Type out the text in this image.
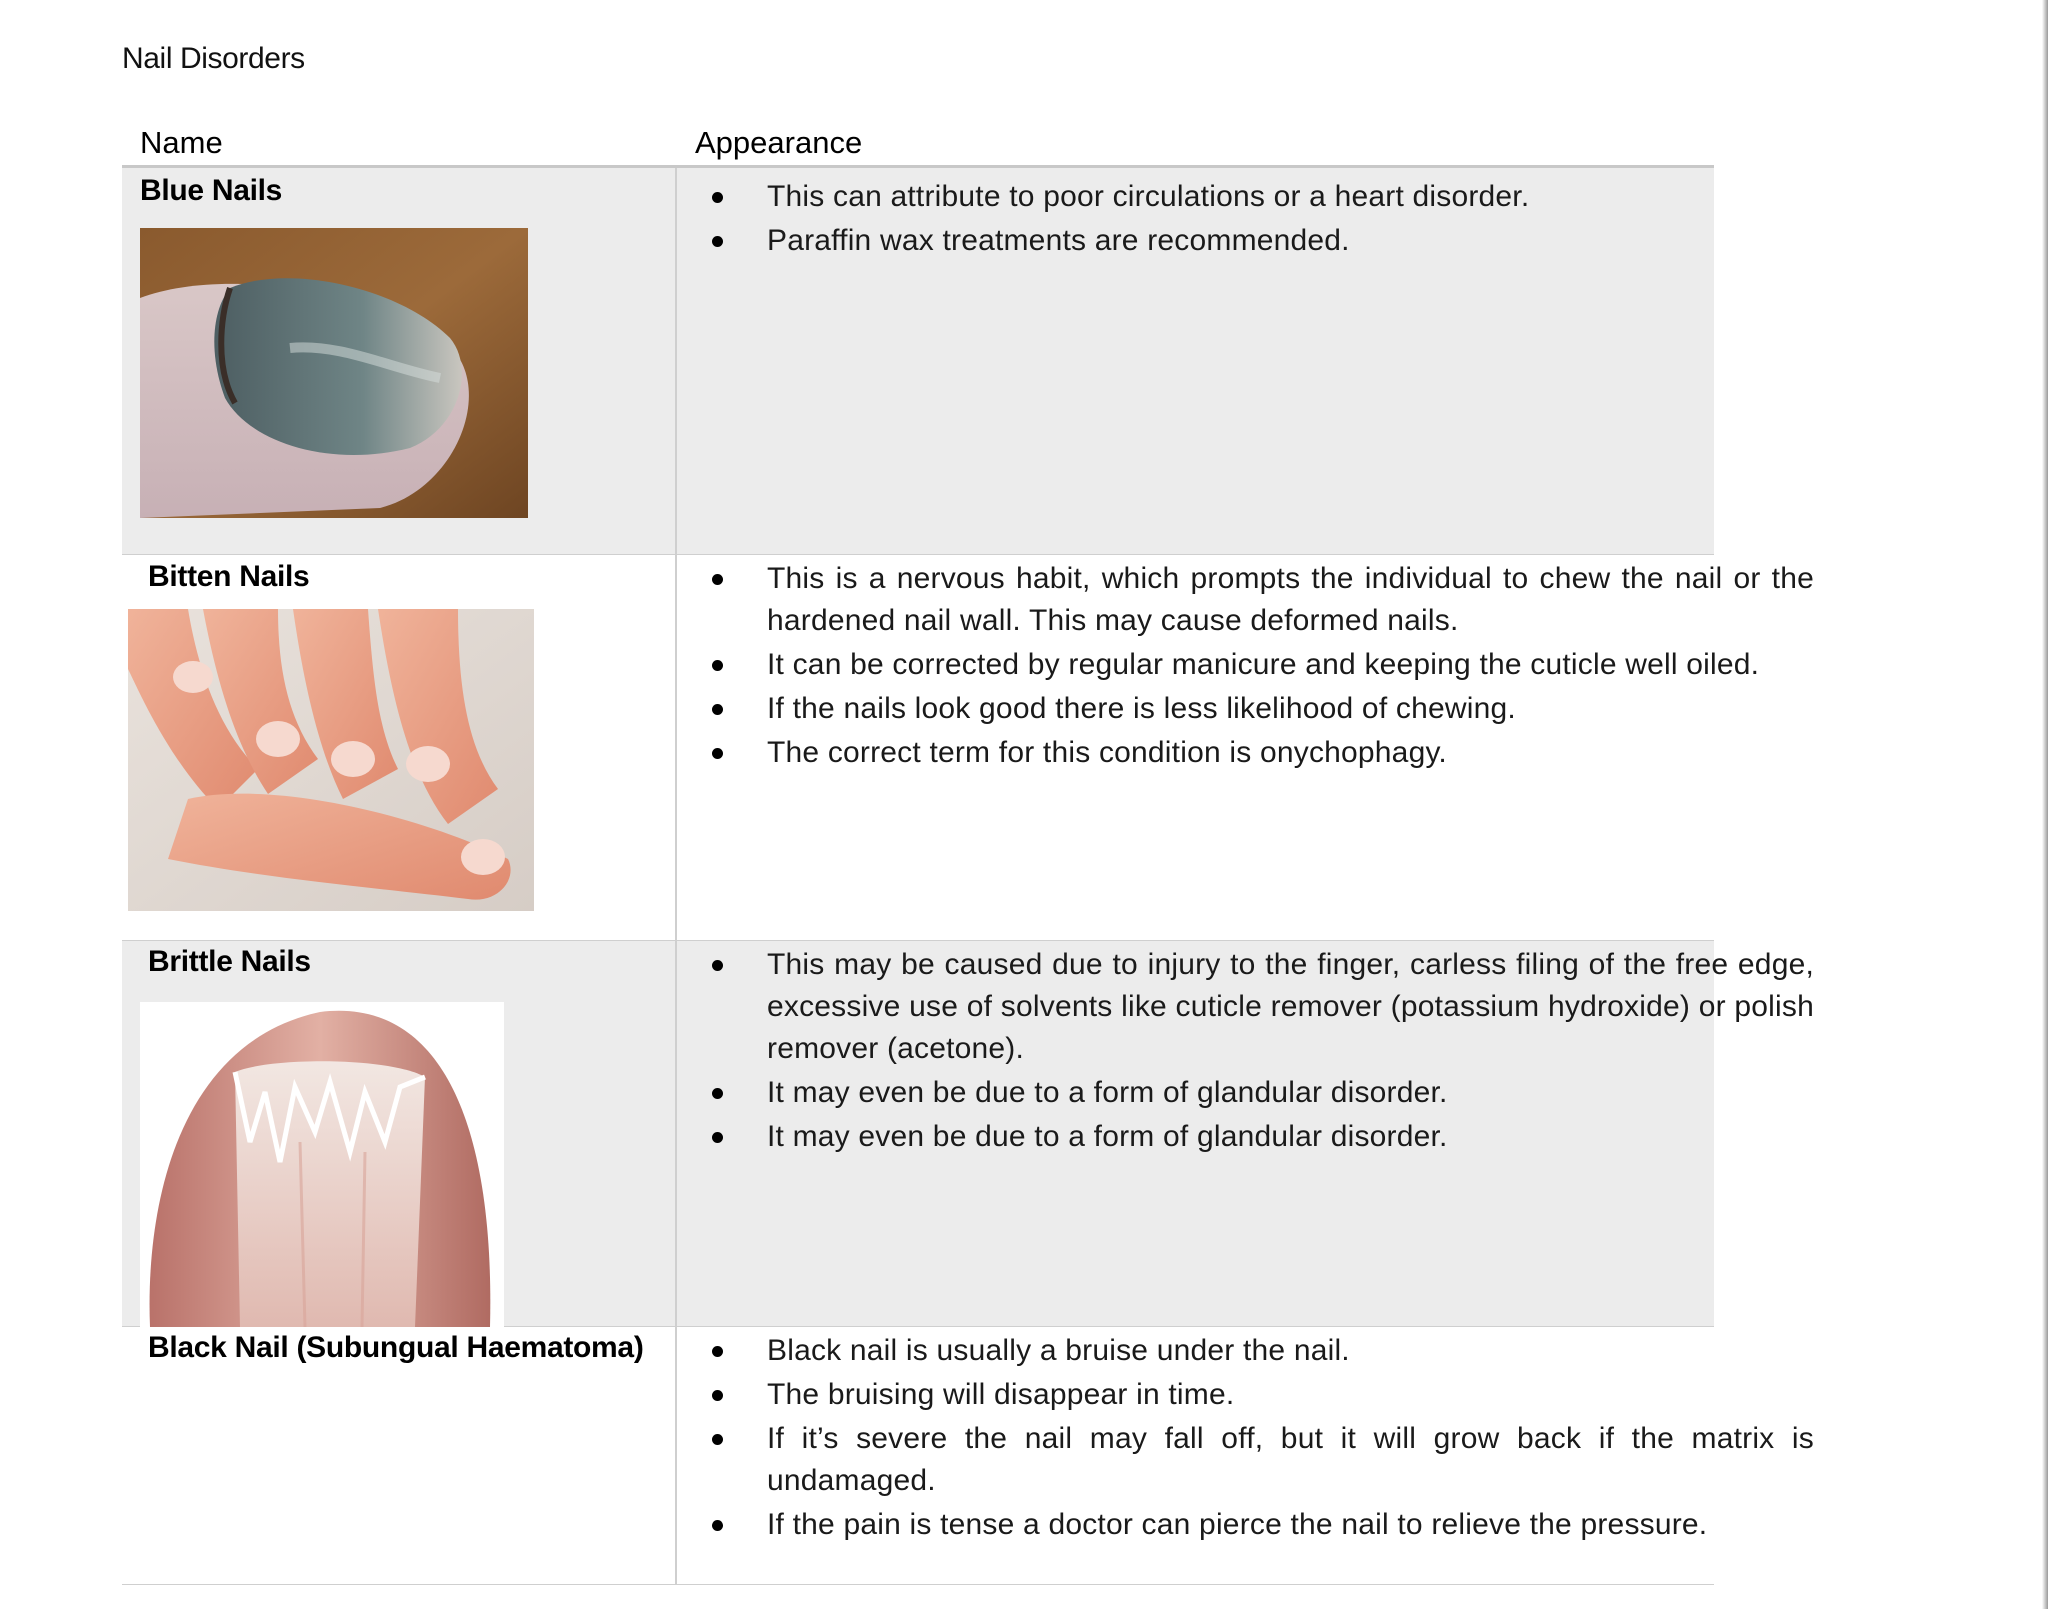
Nail Disorders
Name	Appearance
Blue Nails	This can attribute to poor circulations or a heart disorder.
Paraffin wax treatments are recommended.
Bitten Nails	This is a nervous habit, which prompts the individual to chew the nail or the hardened nail wall. This may cause deformed nails.
It can be corrected by regular manicure and keeping the cuticle well oiled.
If the nails look good there is less likelihood of chewing.
The correct term for this condition is onychophagy.
Brittle Nails	This may be caused due to injury to the finger, carless filing of the free edge, excessive use of solvents like cuticle remover (potassium hydroxide) or polish remover (acetone).
It may even be due to a form of glandular disorder.
It may even be due to a form of glandular disorder.
Black Nail (Subungual Haematoma)	Black nail is usually a bruise under the nail.
The bruising will disappear in time.
If it’s severe the nail may fall off, but it will grow back if the matrix is undamaged.
If the pain is tense a doctor can pierce the nail to relieve the pressure.
